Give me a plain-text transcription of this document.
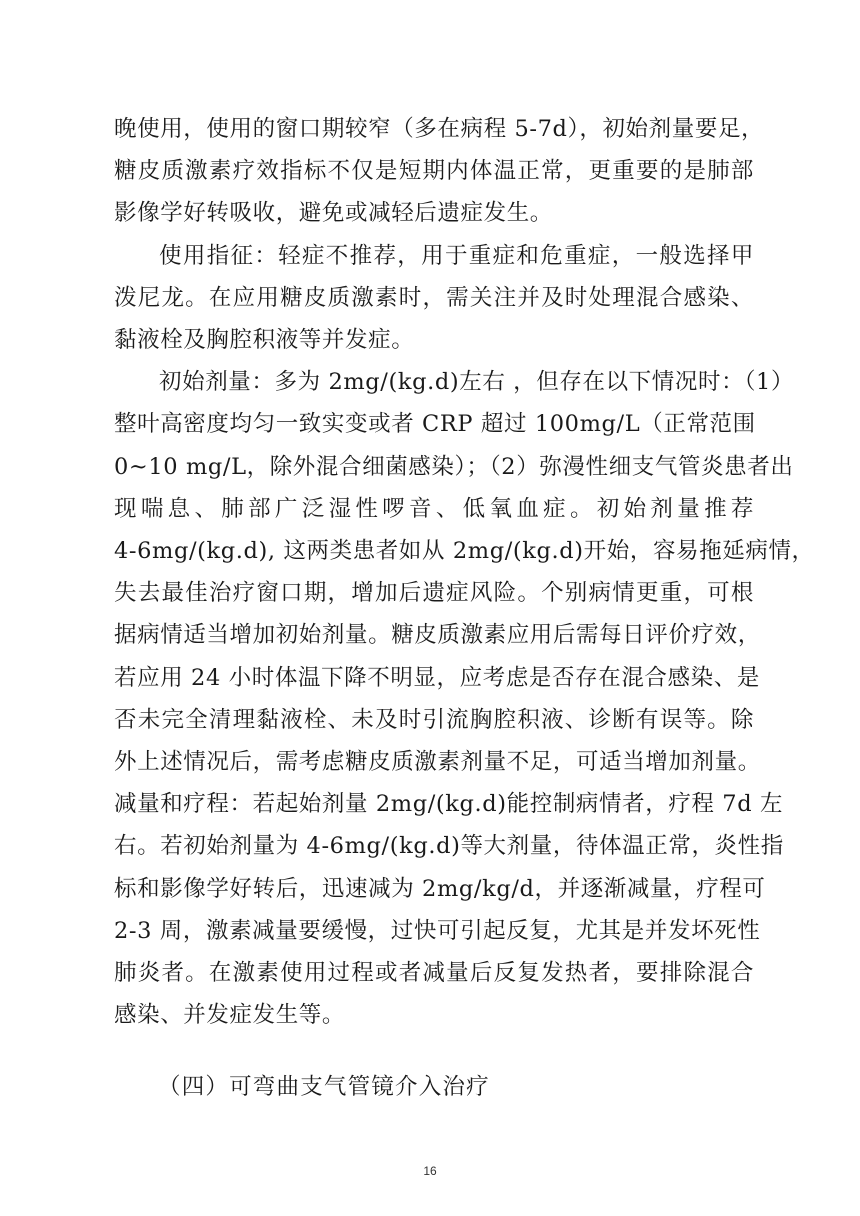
晚使用，使用的窗口期较窄（多在病程 5-7d），初始剂量要足，
糖皮质激素疗效指标不仅是短期内体温正常，更重要的是肺部
影像学好转吸收，避免或减轻后遗症发生。
使用指征：轻症不推荐，用于重症和危重症，一般选择甲
泼尼龙。在应用糖皮质激素时，需关注并及时处理混合感染、
黏液栓及胸腔积液等并发症。
初始剂量：多为 2mg/(kg.d)左右 ，但存在以下情况时：（1）
整叶高密度均匀一致实变或者 CRP 超过 100mg/L（正常范围
0~10 mg/L，除外混合细菌感染）；（2）弥漫性细支气管炎患者出
现喘息、肺部广泛湿性啰音、低氧血症。初始剂量推荐
4-6mg/(kg.d), 这两类患者如从 2mg/(kg.d)开始，容易拖延病情，
失去最佳治疗窗口期，增加后遗症风险。个别病情更重，可根
据病情适当增加初始剂量。糖皮质激素应用后需每日评价疗效，
若应用 24 小时体温下降不明显，应考虑是否存在混合感染、是
否未完全清理黏液栓、未及时引流胸腔积液、诊断有误等。除
外上述情况后，需考虑糖皮质激素剂量不足，可适当增加剂量。
减量和疗程：若起始剂量 2mg/(kg.d)能控制病情者，疗程 7d 左
右。若初始剂量为 4-6mg/(kg.d)等大剂量，待体温正常，炎性指
标和影像学好转后，迅速减为 2mg/kg/d，并逐渐减量，疗程可
2-3 周，激素减量要缓慢，过快可引起反复，尤其是并发坏死性
肺炎者。在激素使用过程或者减量后反复发热者，要排除混合
感染、并发症发生等。
（四）可弯曲支气管镜介入治疗
16
